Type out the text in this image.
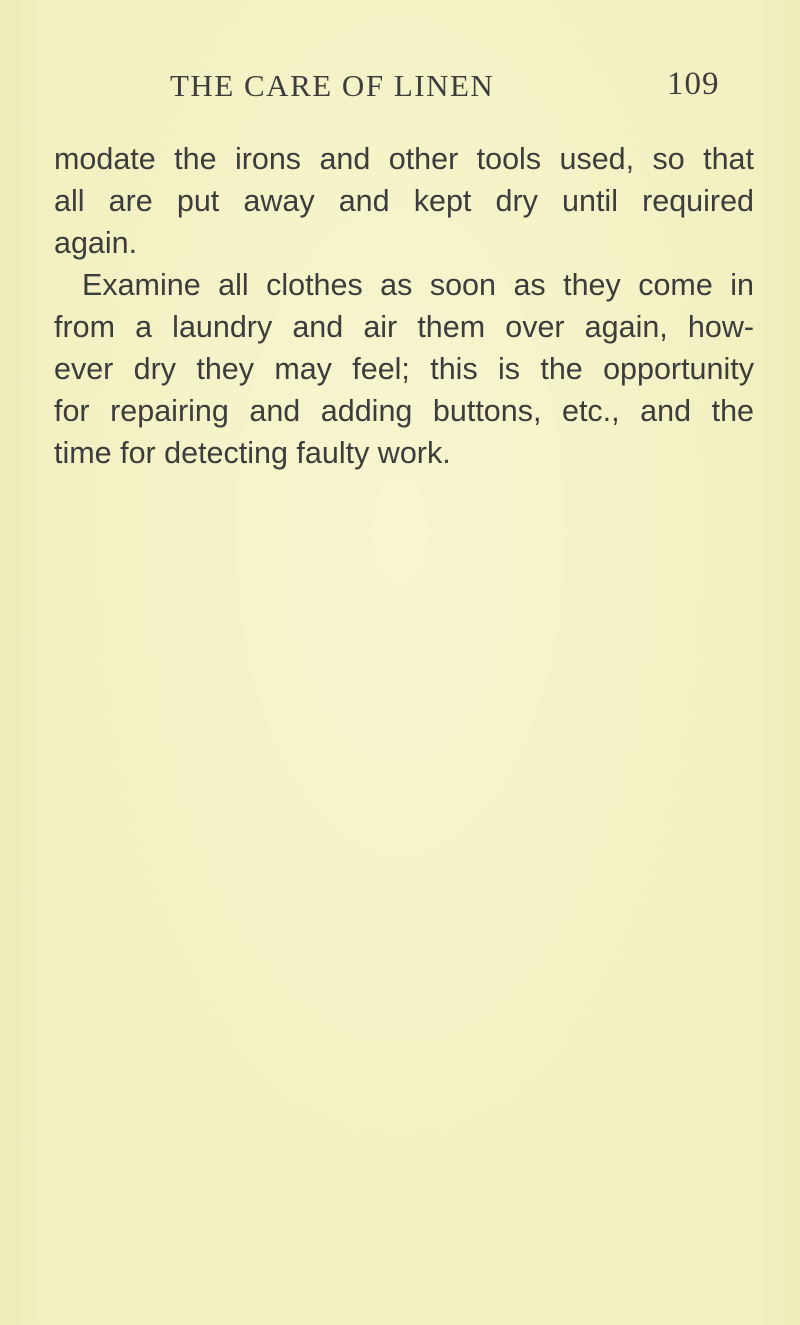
THE CARE OF LINEN	109
modate the irons and other tools used, so that
all are put away and kept dry until required
again.
Examine all clothes as soon as they come in
from a laundry and air them over again, how-
ever dry they may feel; this is the opportunity
for repairing and adding buttons, etc., and the
time for detecting faulty work.
